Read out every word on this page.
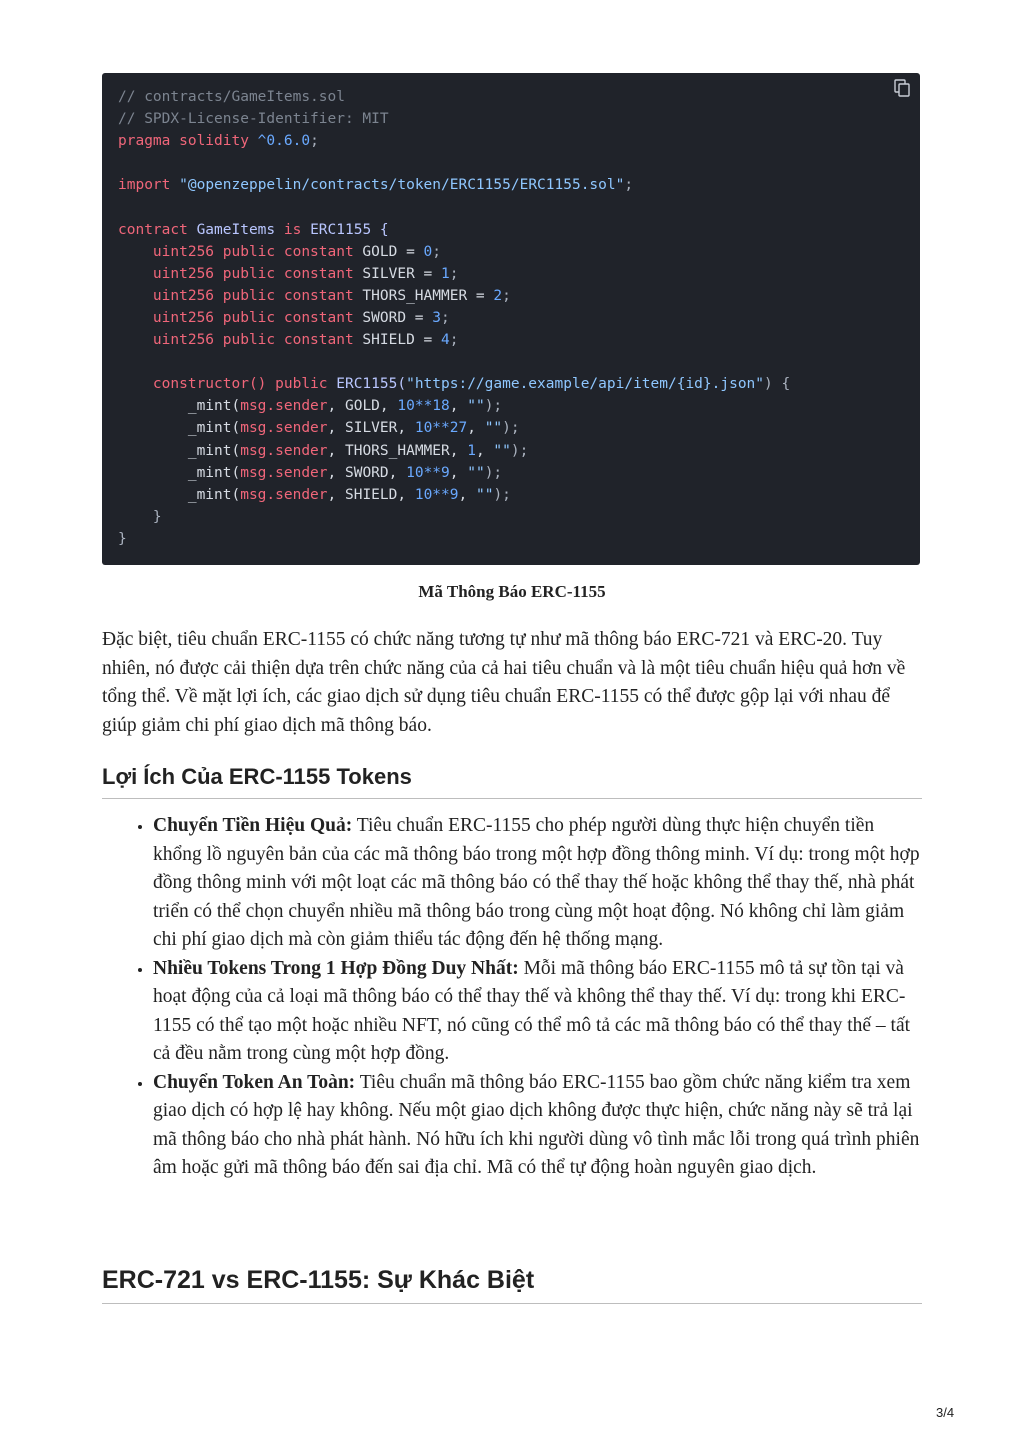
// contracts/GameItems.sol
// SPDX-License-Identifier: MIT
pragma solidity ^0.6.0;

import "@openzeppelin/contracts/token/ERC1155/ERC1155.sol";

contract GameItems is ERC1155 {
uint256 public constant GOLD = 0;
uint256 public constant SILVER = 1;
uint256 public constant THORS_HAMMER = 2;
uint256 public constant SWORD = 3;
uint256 public constant SHIELD = 4;

constructor() public ERC1155("https://game.example/api/item/{id}.json") {
_mint(msg.sender, GOLD, 10**18, "");
_mint(msg.sender, SILVER, 10**27, "");
_mint(msg.sender, THORS_HAMMER, 1, "");
_mint(msg.sender, SWORD, 10**9, "");
_mint(msg.sender, SHIELD, 10**9, "");
}
}
Mã Thông Báo ERC-1155

Đặc biệt, tiêu chuẩn ERC-1155 có chức năng tương tự như mã thông báo ERC-721 và ERC-20. Tuy nhiên, nó được cải thiện dựa trên chức năng của cả hai tiêu chuẩn và là một tiêu chuẩn hiệu quả hơn về tổng thể. Về mặt lợi ích, các giao dịch sử dụng tiêu chuẩn ERC-1155 có thể được gộp lại với nhau để giúp giảm chi phí giao dịch mã thông báo.

Lợi Ích Của ERC-1155 Tokens
• Chuyển Tiền Hiệu Quả: Tiêu chuẩn ERC-1155 cho phép người dùng thực hiện chuyển tiền khổng lồ nguyên bản của các mã thông báo trong một hợp đồng thông minh. Ví dụ: trong một hợp đồng thông minh với một loạt các mã thông báo có thể thay thế hoặc không thể thay thế, nhà phát triển có thể chọn chuyển nhiều mã thông báo trong cùng một hoạt động. Nó không chỉ làm giảm chi phí giao dịch mà còn giảm thiểu tác động đến hệ thống mạng.
• Nhiều Tokens Trong 1 Hợp Đồng Duy Nhất: Mỗi mã thông báo ERC-1155 mô tả sự tồn tại và hoạt động của cả loại mã thông báo có thể thay thế và không thể thay thế. Ví dụ: trong khi ERC-1155 có thể tạo một hoặc nhiều NFT, nó cũng có thể mô tả các mã thông báo có thể thay thế – tất cả đều nằm trong cùng một hợp đồng.
• Chuyển Token An Toàn: Tiêu chuẩn mã thông báo ERC-1155 bao gồm chức năng kiểm tra xem giao dịch có hợp lệ hay không. Nếu một giao dịch không được thực hiện, chức năng này sẽ trả lại mã thông báo cho nhà phát hành. Nó hữu ích khi người dùng vô tình mắc lỗi trong quá trình phiên âm hoặc gửi mã thông báo đến sai địa chỉ. Mã có thể tự động hoàn nguyên giao dịch.
ERC-721 vs ERC-1155: Sự Khác Biệt
3/4
